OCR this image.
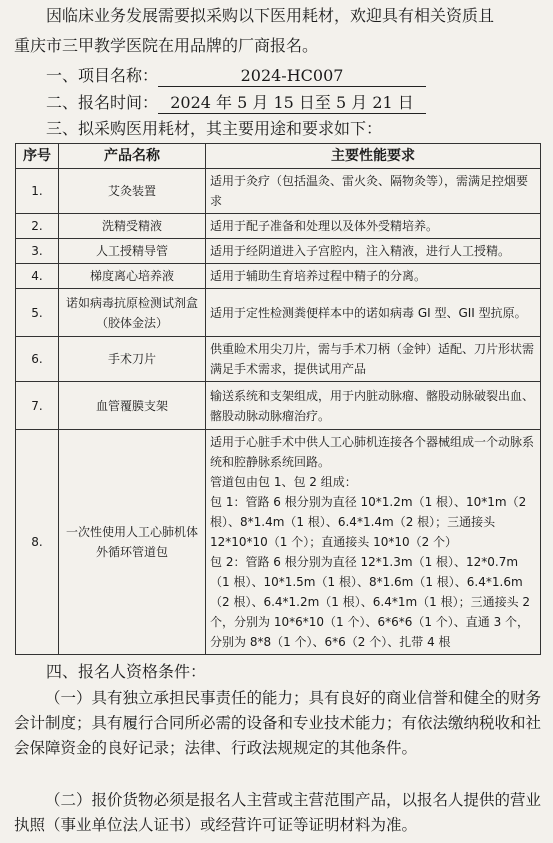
因临床业务发展需要拟采购以下医用耗材，欢迎具有相关资质且
重庆市三甲教学医院在用品牌的厂商报名。
一、项目名称：	2024-HC007
二、报名时间： 2024 年 5 月 15 日至 5 月 21 日
三、拟采购医用耗材，其主要用途和要求如下：
序号	产品名称	主要性能要求
1.	艾灸装置	适用于灸疗（包括温灸、雷火灸、隔物灸等），需满足控烟要求
2.	洗精受精液	适用于配子准备和处理以及体外受精培养。
3.	人工授精导管	适用于经阴道进入子宫腔内，注入精液，进行人工授精。
4.	梯度离心培养液	适用于辅助生育培养过程中精子的分离。
5.	诺如病毒抗原检测试剂盒（胶体金法）	适用于定性检测粪便样本中的诺如病毒 GI 型、GII 型抗原。
6.	手术刀片	供重睑术用尖刀片，需与手术刀柄（金钟）适配、刀片形状需满足手术需求，提供试用产品
7.	血管覆膜支架	输送系统和支架组成，用于内脏动脉瘤、髂股动脉破裂出血、髂股动脉动脉瘤治疗。
8.	一次性使用人工心肺机体外循环管道包	适用于心脏手术中供人工心肺机连接各个器械组成一个动脉系统和腔静脉系统回路。
管道包由包 1、包 2 组成：
包 1：管路 6 根分别为直径 10*1.2m（1 根）、10*1m（2 根）、8*1.4m（1 根）、6.4*1.4m（2 根）；三通接头 12*10*10（1 个）；直通接头 10*10（2 个）
包 2：管路 6 根分别为直径 12*1.3m（1 根）、12*0.7m（1 根）、10*1.5m（1 根）、8*1.6m（1 根）、6.4*1.6m（2 根）、6.4*1.2m（1 根）、6.4*1m（1 根）；三通接头 2 个，分别为 10*6*10（1 个）、6*6*6（1 个）、直通 3 个，分别为 8*8（1 个）、6*6（2 个）、扎带 4 根
四、报名人资格条件：
（一）具有独立承担民事责任的能力；具有良好的商业信誉和健全的财务会计制度；具有履行合同所必需的设备和专业技术能力；有依法缴纳税收和社会保障资金的良好记录；法律、行政法规规定的其他条件。
（二）报价货物必须是报名人主营或主营范围产品，以报名人提供的营业执照（事业单位法人证书）或经营许可证等证明材料为准。
